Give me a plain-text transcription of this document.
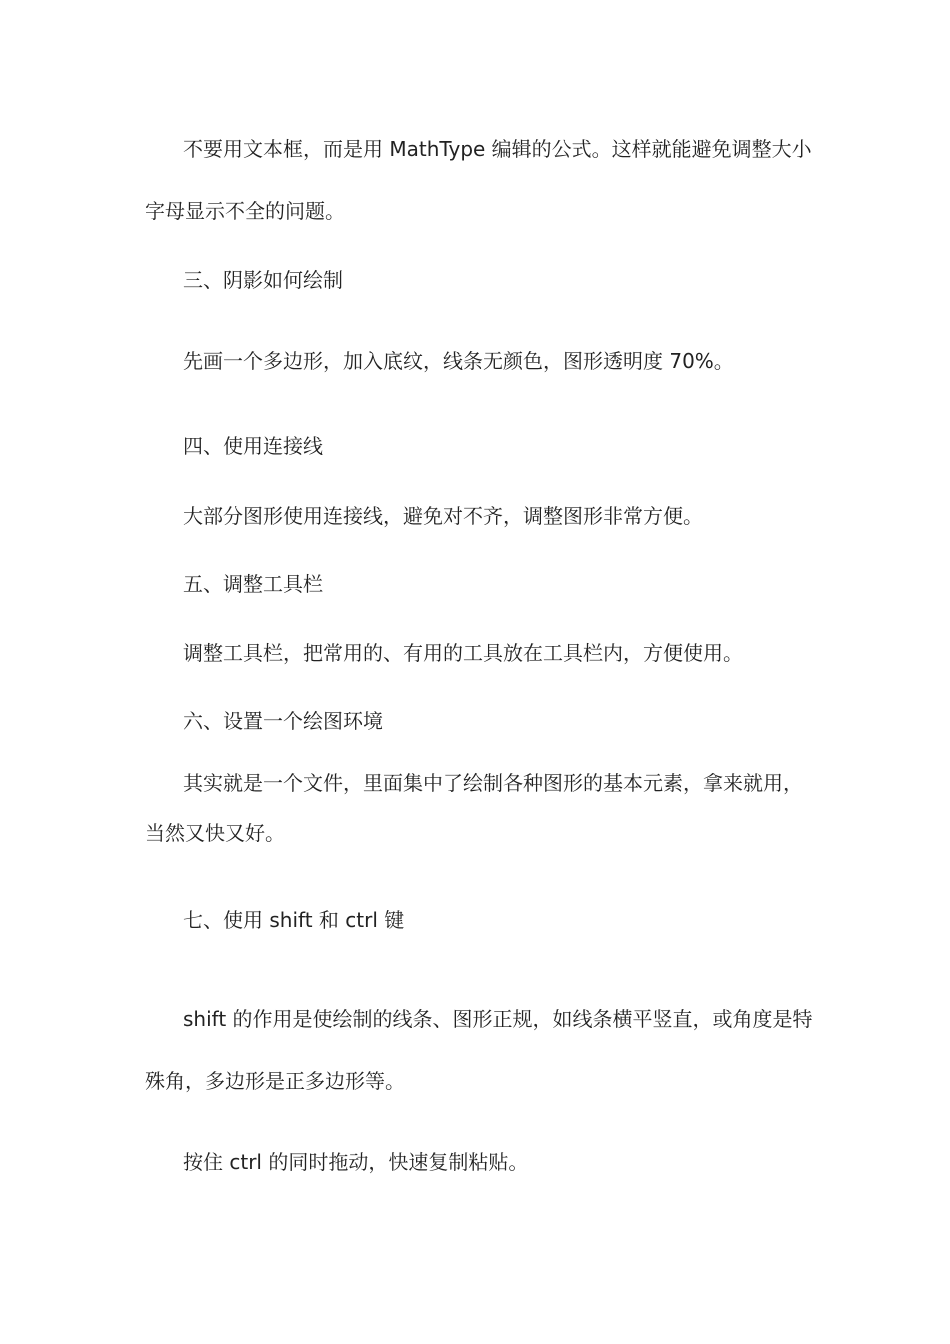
不要用文本框，而是用 MathType 编辑的公式。这样就能避免调整大小字母显示不全的问题。

三、阴影如何绘制

先画一个多边形，加入底纹，线条无颜色，图形透明度 70%。

四、使用连接线

大部分图形使用连接线，避免对不齐，调整图形非常方便。

五、调整工具栏

调整工具栏，把常用的、有用的工具放在工具栏内，方便使用。

六、设置一个绘图环境

其实就是一个文件，里面集中了绘制各种图形的基本元素，拿来就用，当然又快又好。

七、使用 shift 和 ctrl 键

shift 的作用是使绘制的线条、图形正规，如线条横平竖直，或角度是特殊角，多边形是正多边形等。

按住 ctrl 的同时拖动，快速复制粘贴。
